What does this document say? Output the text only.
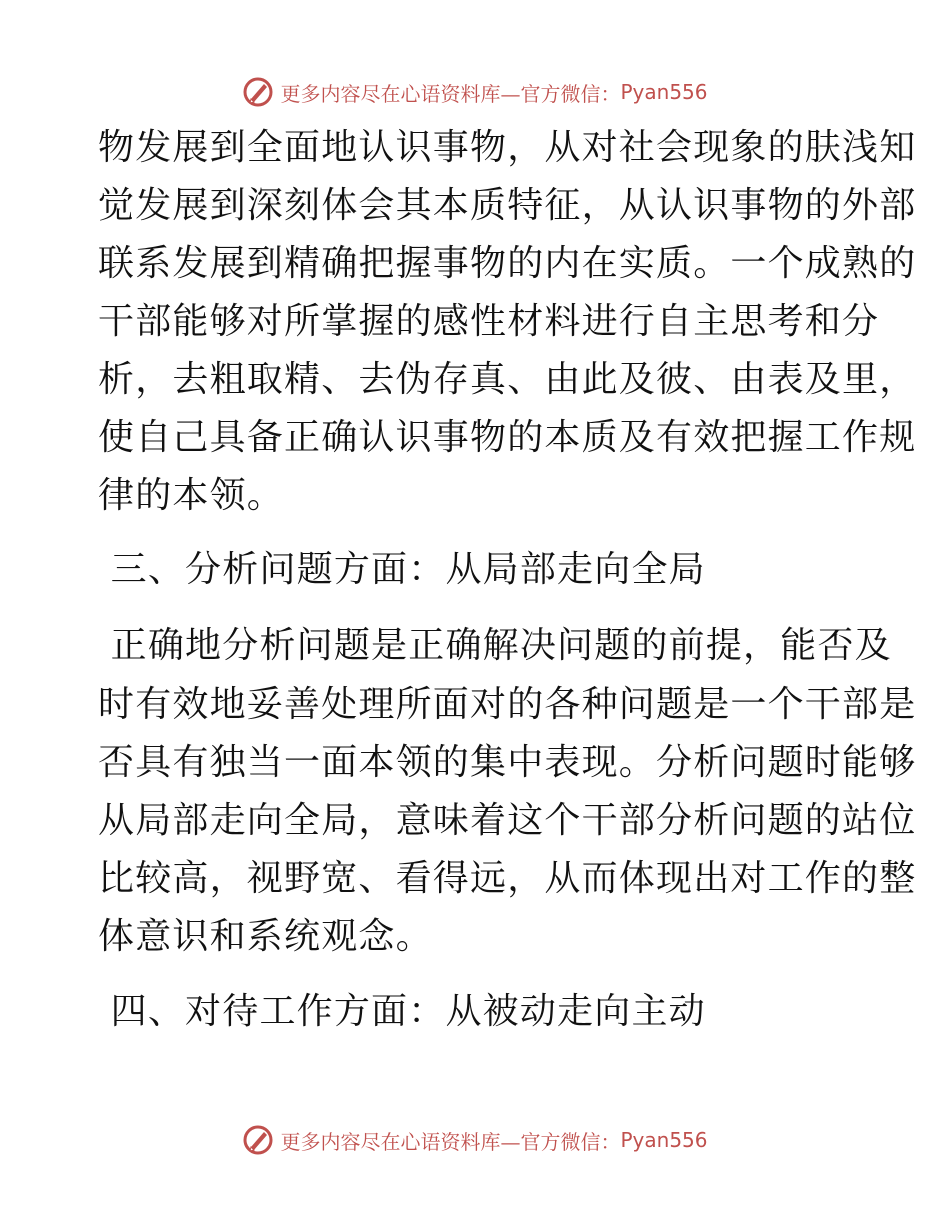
更多内容尽在心语资料库—官方微信： Pyan556
物发展到全面地认识事物，从对社会现象的肤浅知
觉发展到深刻体会其本质特征，从认识事物的外部
联系发展到精确把握事物的内在实质。一个成熟的
干部能够对所掌握的感性材料进行自主思考和分
析，去粗取精、去伪存真、由此及彼、由表及里，
使自己具备正确认识事物的本质及有效把握工作规
律的本领。
三、分析问题方面：从局部走向全局
正确地分析问题是正确解决问题的前提，能否及
时有效地妥善处理所面对的各种问题是一个干部是
否具有独当一面本领的集中表现。分析问题时能够
从局部走向全局，意味着这个干部分析问题的站位
比较高，视野宽、看得远，从而体现出对工作的整
体意识和系统观念。
四、对待工作方面：从被动走向主动
更多内容尽在心语资料库—官方微信： Pyan556
